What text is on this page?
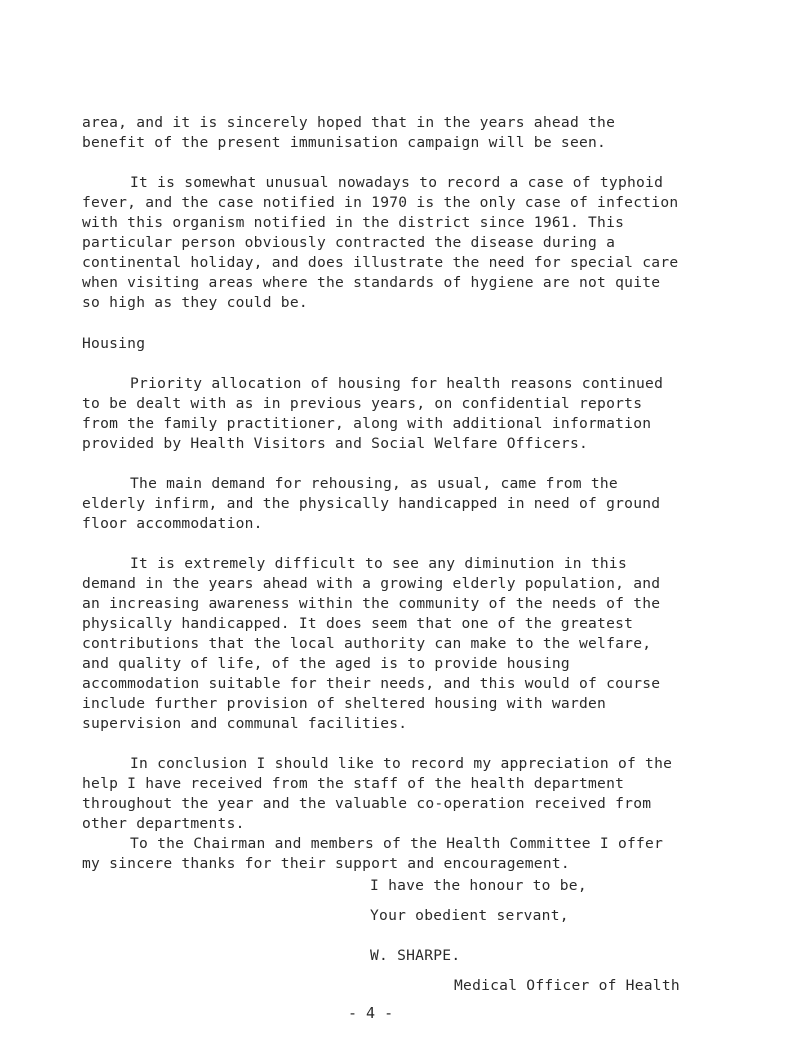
area, and it is sincerely hoped that in the years ahead the
benefit of the present immunisation campaign will be seen.
It is somewhat unusual nowadays to record a case of typhoid
fever, and the case notified in 1970 is the only case of infection
with this organism notified in the district since 1961. This
particular person obviously contracted the disease during a
continental holiday, and does illustrate the need for special care
when visiting areas where the standards of hygiene are not quite
so high as they could be.
Housing
Priority allocation of housing for health reasons continued
to be dealt with as in previous years, on confidential reports
from the family practitioner, along with additional information
provided by Health Visitors and Social Welfare Officers.
The main demand for rehousing, as usual, came from the
elderly infirm, and the physically handicapped in need of ground
floor accommodation.
It is extremely difficult to see any diminution in this
demand in the years ahead with a growing elderly population, and
an increasing awareness within the community of the needs of the
physically handicapped. It does seem that one of the greatest
contributions that the local authority can make to the welfare,
and quality of life, of the aged is to provide housing
accommodation suitable for their needs, and this would of course
include further provision of sheltered housing with warden
supervision and communal facilities.
In conclusion I should like to record my appreciation of the
help I have received from the staff of the health department
throughout the year and the valuable co-operation received from
other departments.
To the Chairman and members of the Health Committee I offer
my sincere thanks for their support and encouragement.
I have the honour to be,
Your obedient servant,
W. SHARPE.
Medical Officer of Health
- 4 -
